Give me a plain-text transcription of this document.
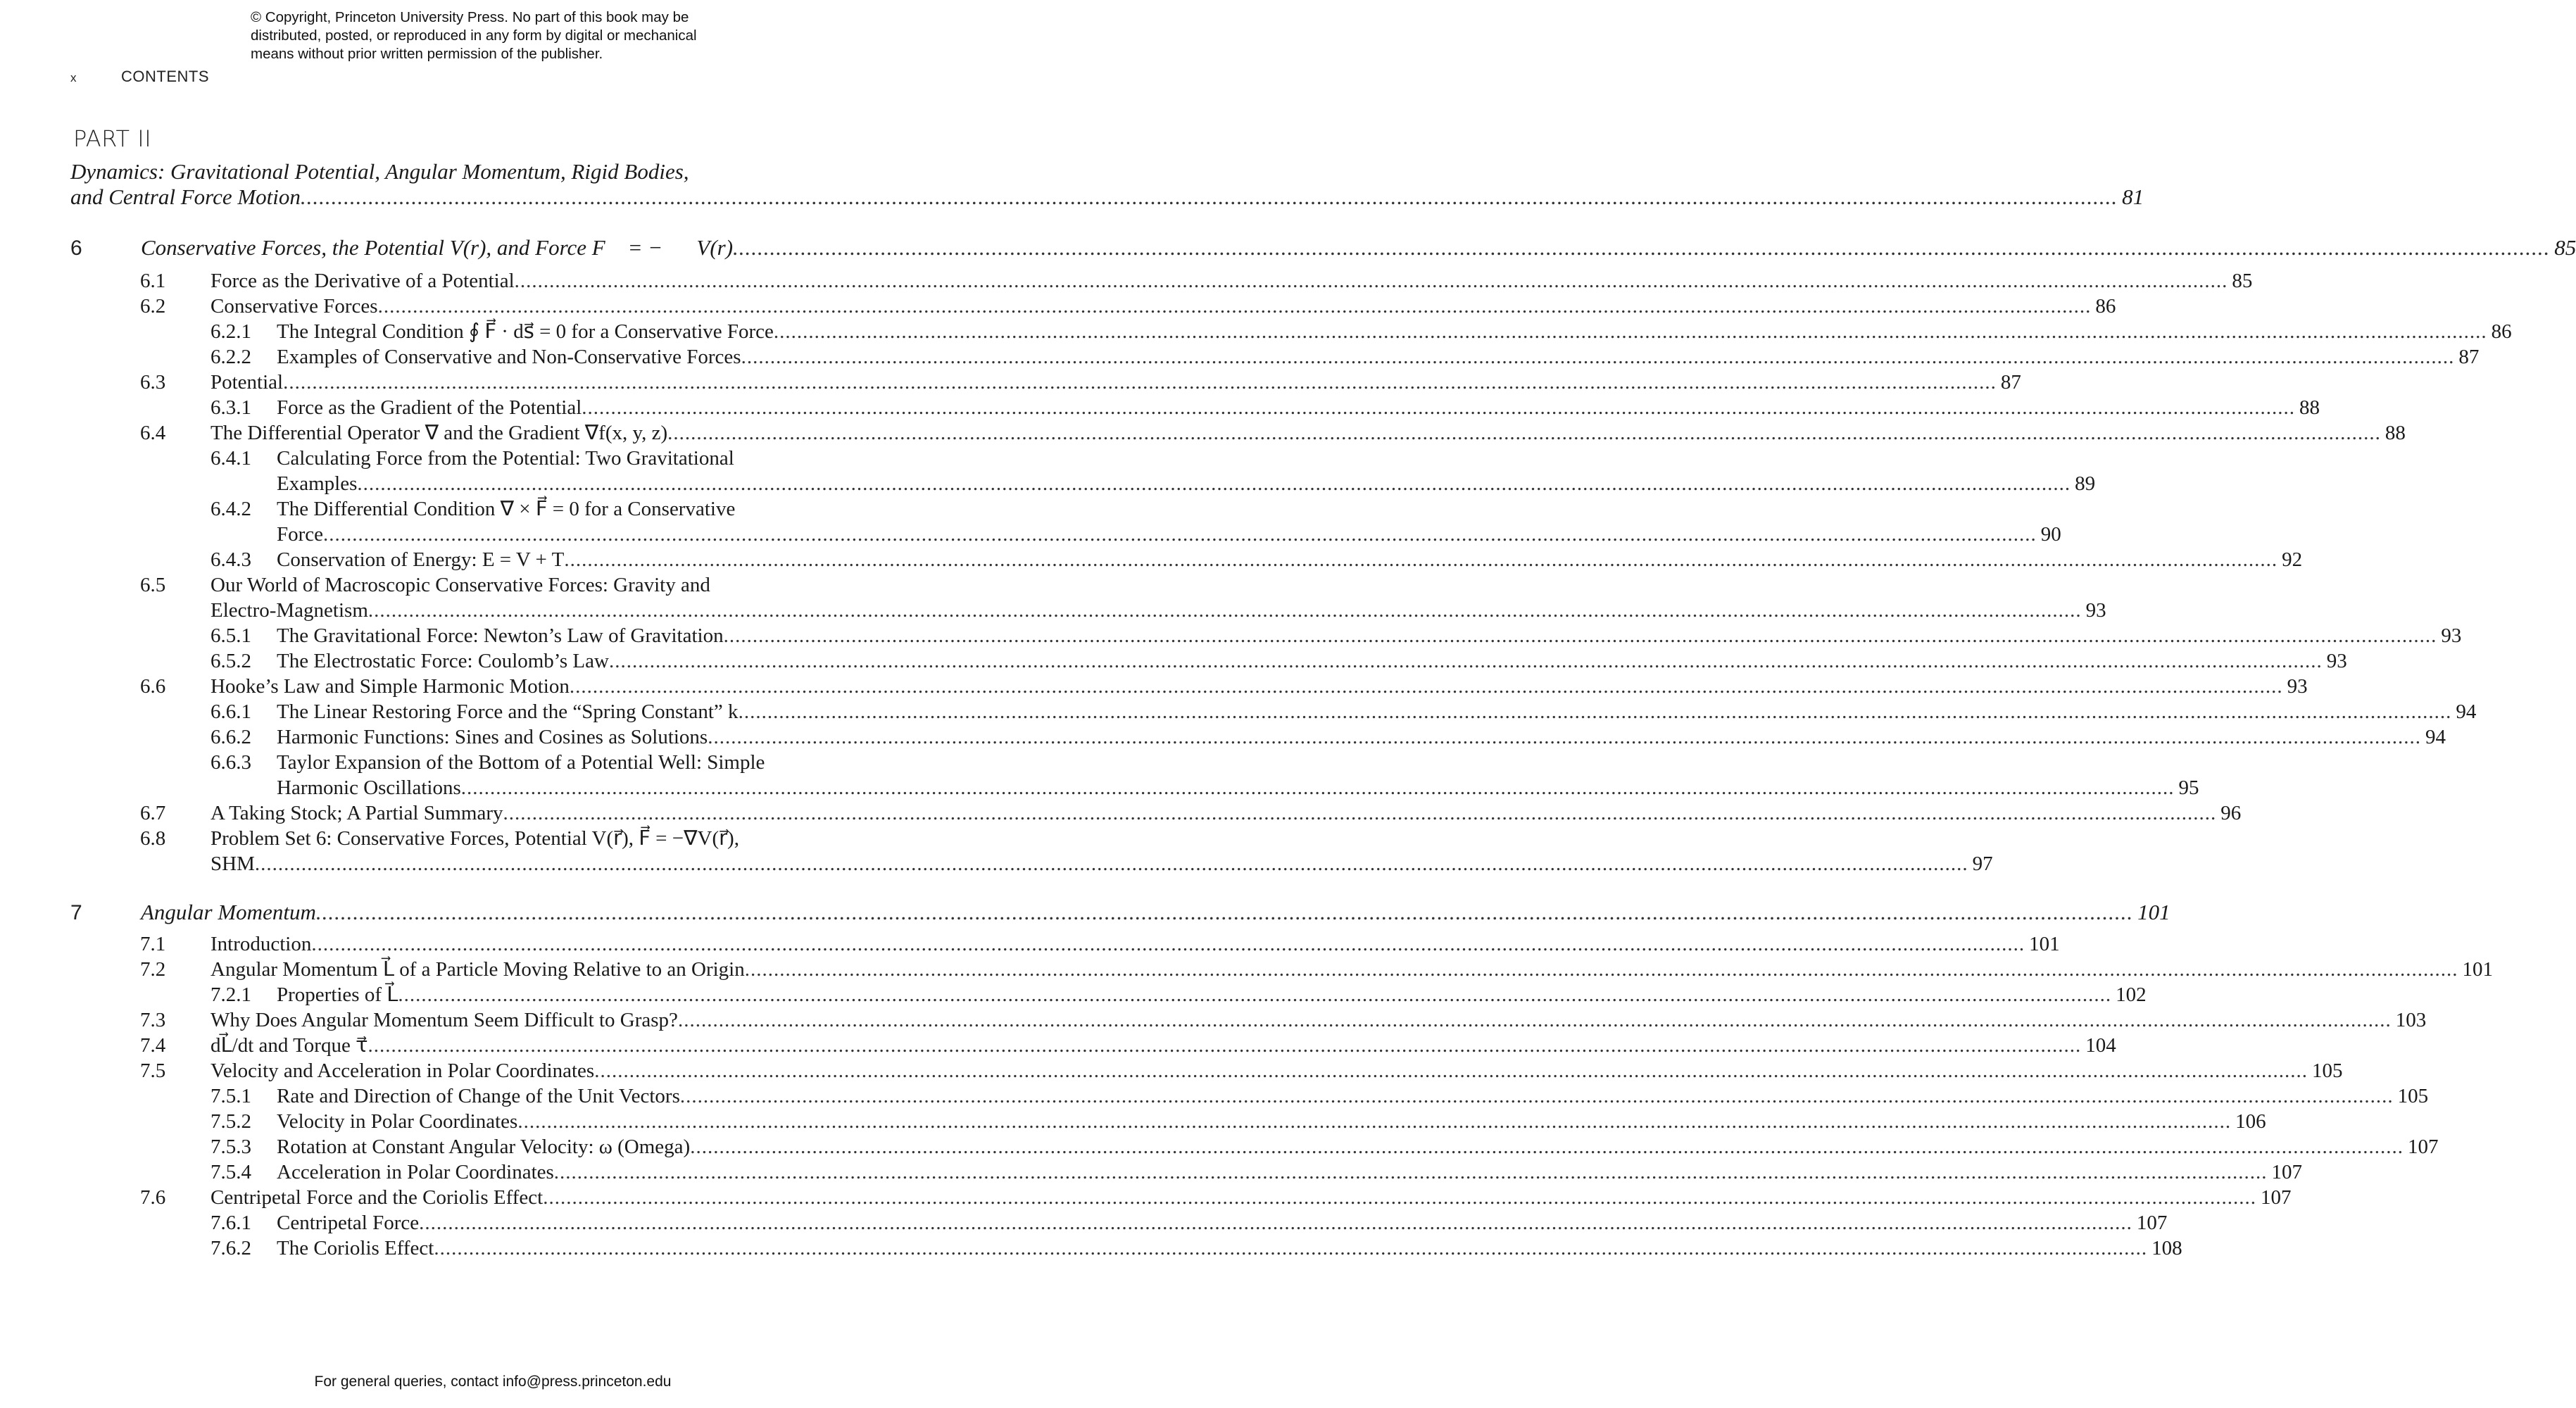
© Copyright, Princeton University Press. No part of this book may be
distributed, posted, or reproduced in any form by digital or mechanical
means without prior written permission of the publisher.
x	CONTENTS
PART II
Dynamics: Gravitational Potential, Angular Momentum, Rigid Bodies,
and Central Force Motion .....	81
6	Conservative Forces, the Potential V(r), and Force F⃗ = −∇⃗V(r) .....	85
6.1 Force as the Derivative of a Potential .....	85
6.2 Conservative Forces .....	86
6.2.1 The Integral Condition ∮ F⃗ · ds⃗ = 0 for a Conservative Force .....	86
6.2.2 Examples of Conservative and Non-Conservative Forces .....	87
6.3 Potential .....	87
6.3.1 Force as the Gradient of the Potential .....	88
6.4 The Differential Operator ∇ and the Gradient ∇f(x, y, z) .....	88
6.4.1 Calculating Force from the Potential: Two Gravitational
Examples .....	89
6.4.2 The Differential Condition ∇ × F⃗ = 0 for a Conservative
Force .....	90
6.4.3 Conservation of Energy: E = V + T .....	92
6.5 Our World of Macroscopic Conservative Forces: Gravity and
Electro-Magnetism .....	93
6.5.1 The Gravitational Force: Newton’s Law of Gravitation .....	93
6.5.2 The Electrostatic Force: Coulomb’s Law .....	93
6.6 Hooke’s Law and Simple Harmonic Motion .....	93
6.6.1 The Linear Restoring Force and the “Spring Constant” k .....	94
6.6.2 Harmonic Functions: Sines and Cosines as Solutions .....	94
6.6.3 Taylor Expansion of the Bottom of a Potential Well: Simple
Harmonic Oscillations .....	95
6.7 A Taking Stock; A Partial Summary .....	96
6.8 Problem Set 6: Conservative Forces, Potential V(r⃗), F⃗ = −∇V(r⃗),
SHM .....	97
7	Angular Momentum .....	101
7.1 Introduction .....	101
7.2 Angular Momentum L⃗ of a Particle Moving Relative to an Origin .....	101
7.2.1 Properties of L⃗ .....	102
7.3 Why Does Angular Momentum Seem Difficult to Grasp? .....	103
7.4 dL⃗/dt and Torque τ⃗ .....	104
7.5 Velocity and Acceleration in Polar Coordinates .....	105
7.5.1 Rate and Direction of Change of the Unit Vectors .....	105
7.5.2 Velocity in Polar Coordinates .....	106
7.5.3 Rotation at Constant Angular Velocity: ω (Omega) .....	107
7.5.4 Acceleration in Polar Coordinates .....	107
7.6 Centripetal Force and the Coriolis Effect .....	107
7.6.1 Centripetal Force .....	107
7.6.2 The Coriolis Effect .....	108
For general queries, contact info@press.princeton.edu
